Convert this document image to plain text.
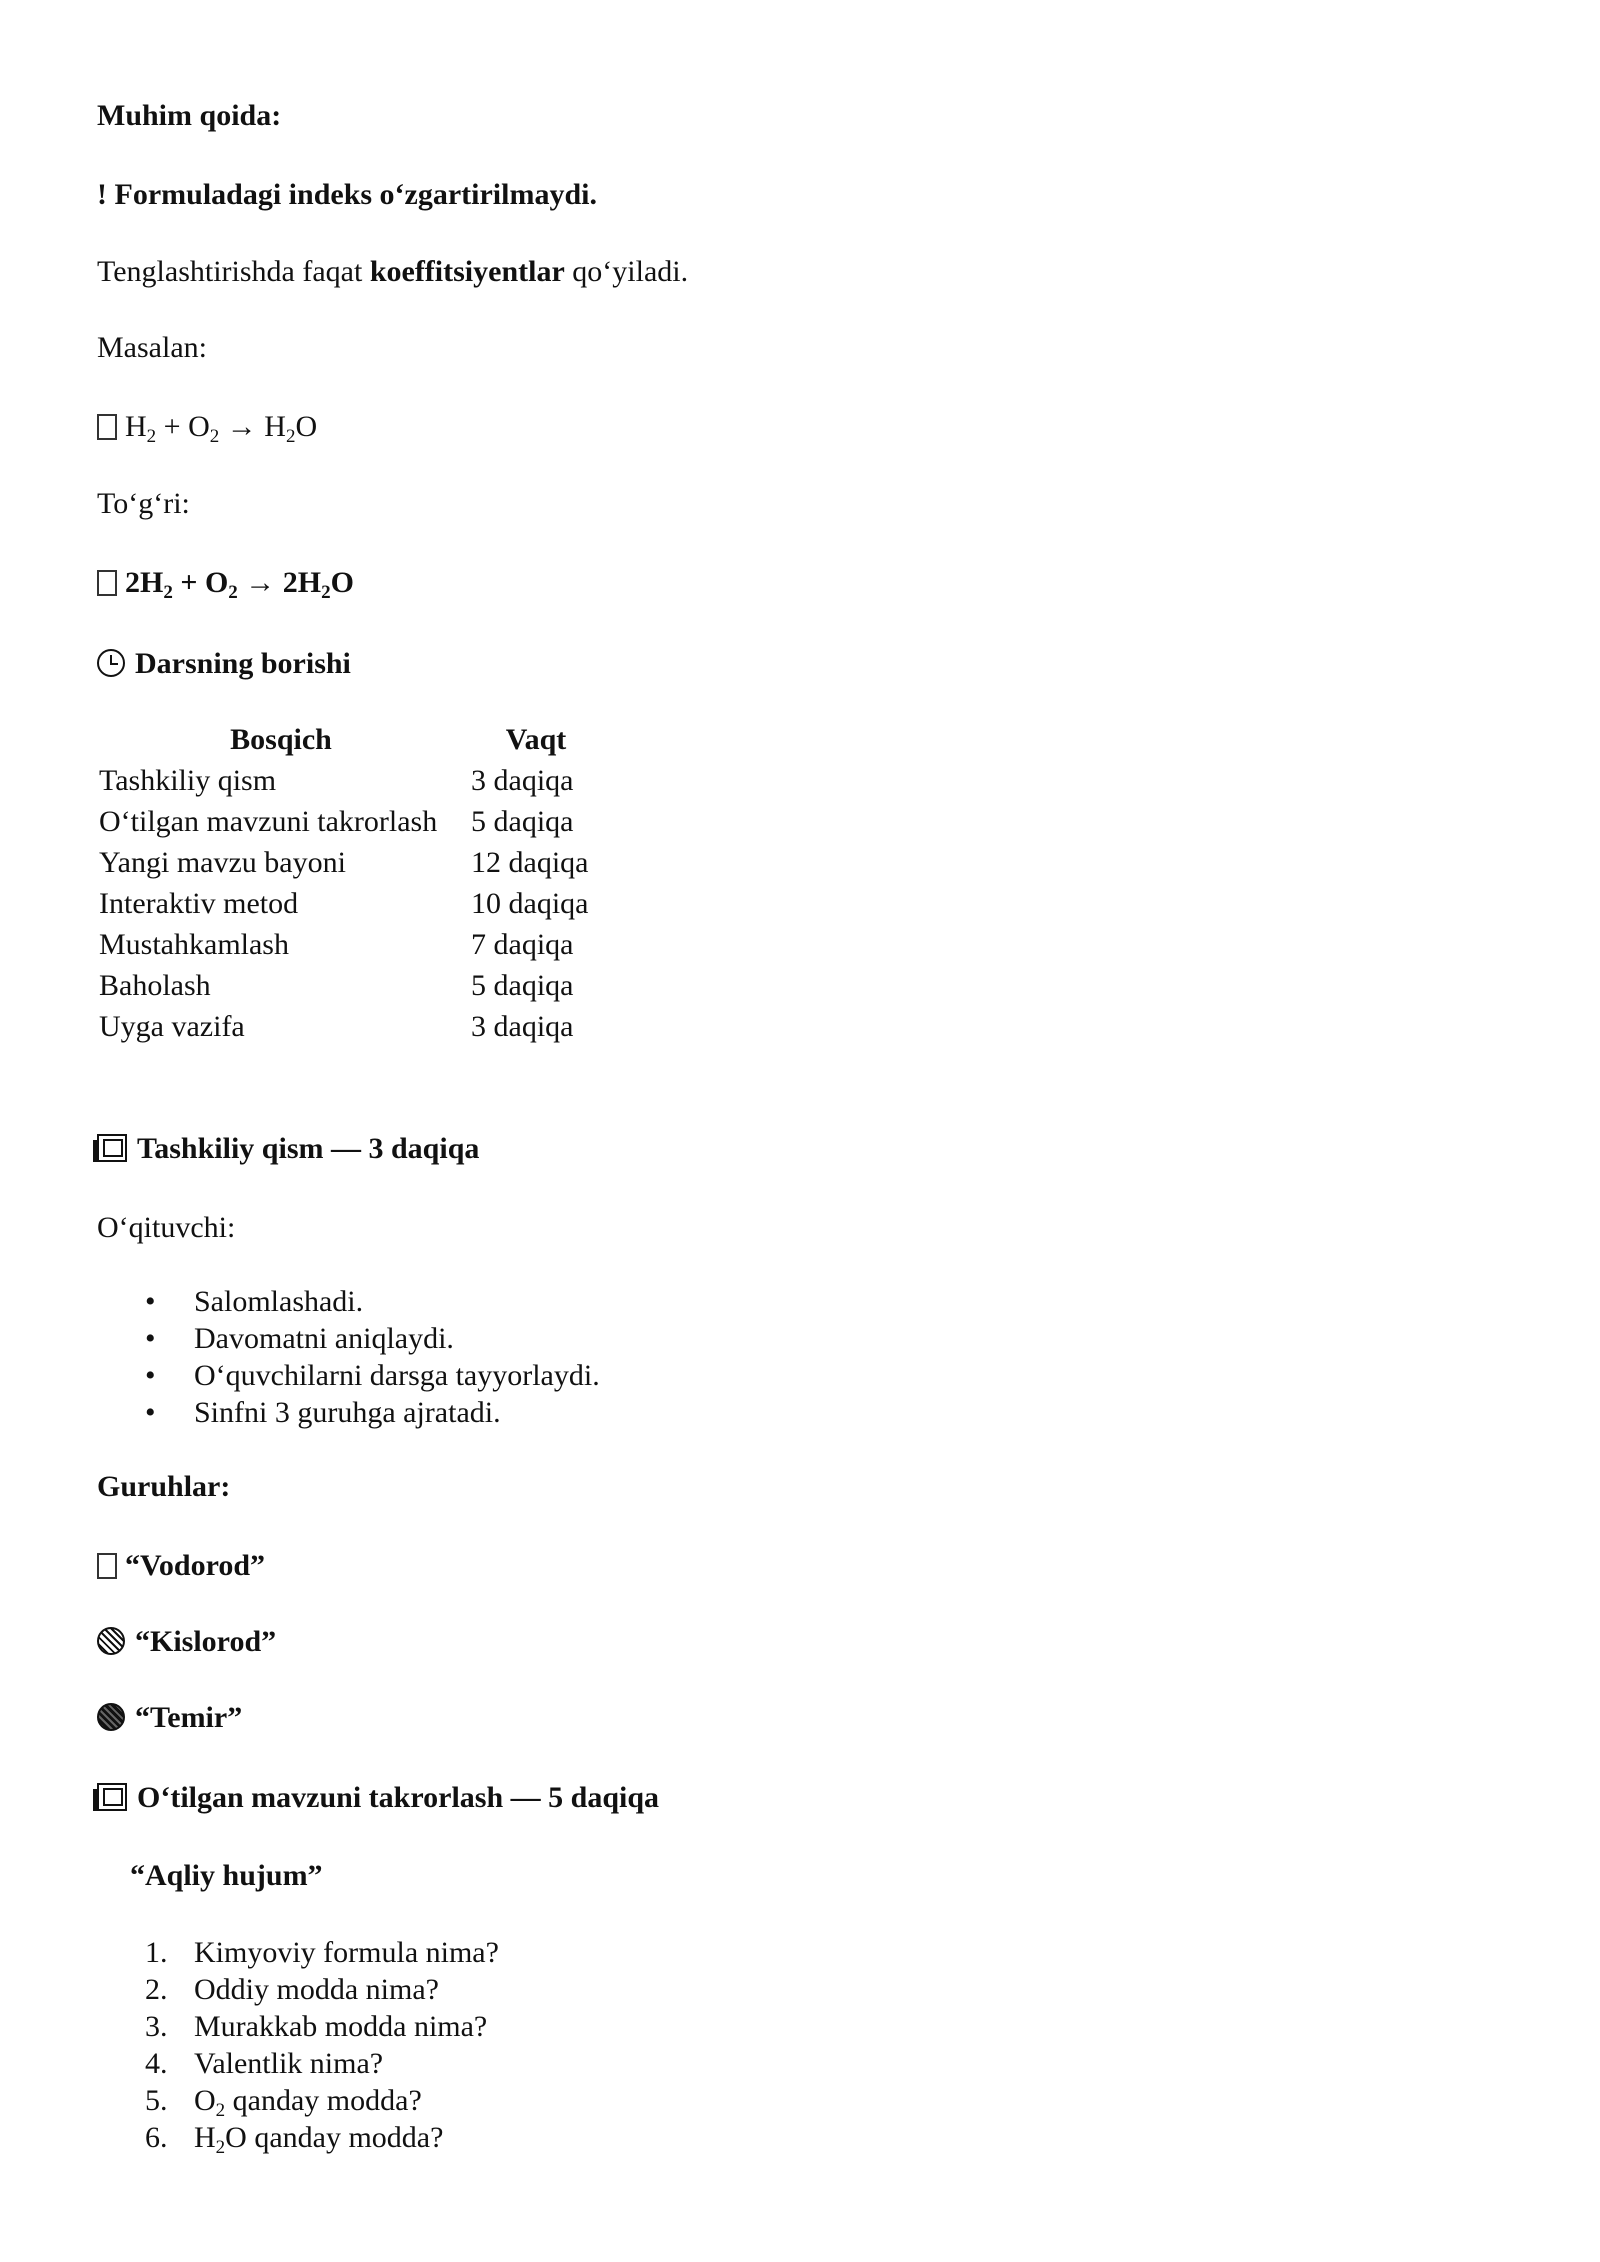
Muhim qoida:

! Formuladagi indeks o‘zgartirilmaydi.

Tenglashtirishda faqat koeffitsiyentlar qo‘yiladi.

Masalan:

$H_2 + O_2 \to H_2O$

To‘g‘ri:

$2H_2 + O_2 \to 2H_2O$

Darsning borishi

Bosqich	Vaqt
Tashkiliy qism	3 daqiqa
O‘tilgan mavzuni takrorlash	5 daqiqa
Yangi mavzu bayoni	12 daqiqa
Interaktiv metod	10 daqiqa
Mustahkamlash	7 daqiqa
Baholash	5 daqiqa
Uyga vazifa	3 daqiqa

Tashkiliy qism — 3 daqiqa

O‘qituvchi:

• Salomlashadi.
• Davomatni aniqlaydi.
• O‘quvchilarni darsga tayyorlaydi.
• Sinfni 3 guruhga ajratadi.

Guruhlar:

“Vodorod”

“Kislorod”

“Temir”

O‘tilgan mavzuni takrorlash — 5 daqiqa

“Aqliy hujum”

1. Kimyoviy formula nima?
2. Oddiy modda nima?
3. Murakkab modda nima?
4. Valentlik nima?
5. $O_2$ qanday modda?
6. $H_2O$ qanday modda?
